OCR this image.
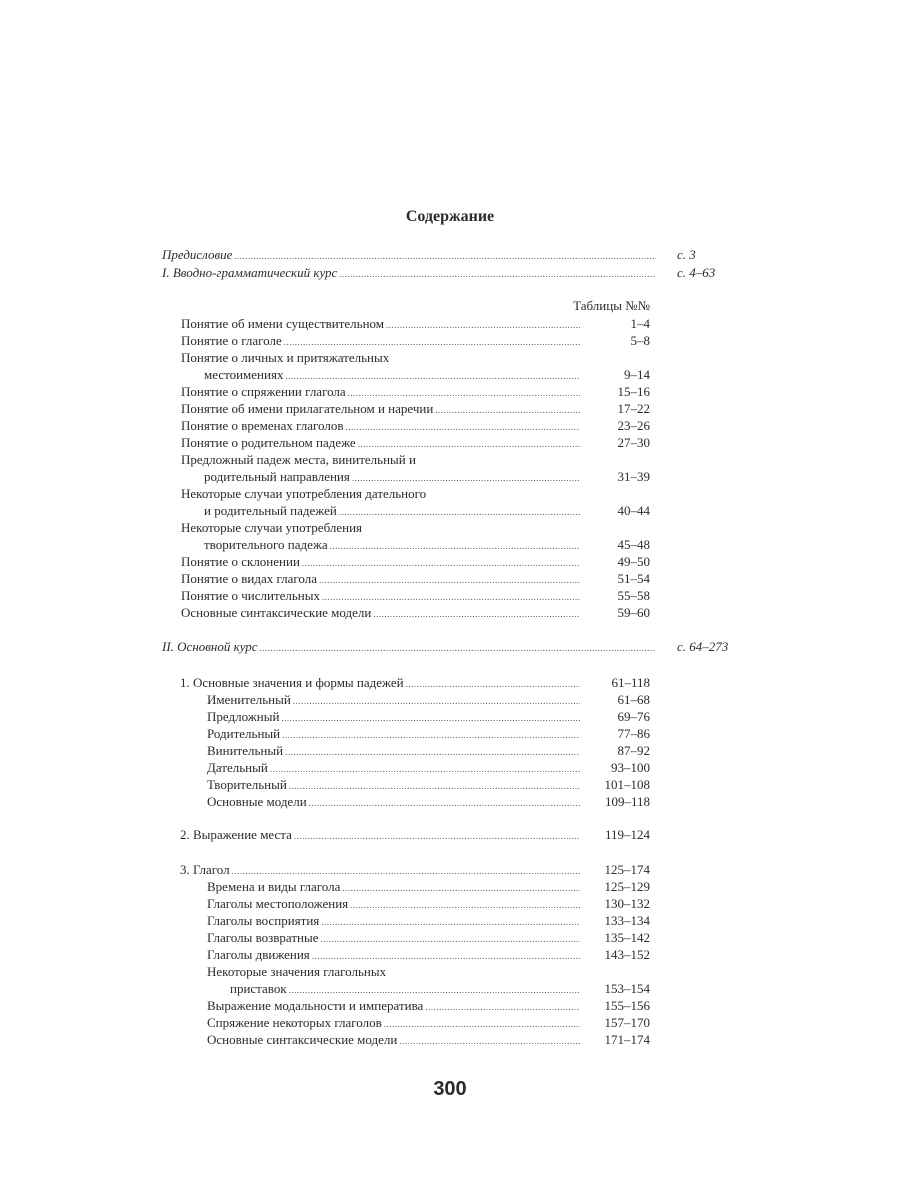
Содержание
Предисловие .....	с. 3
I. Вводно-грамматический курс .....	с. 4–63
Таблицы №№
Понятие об имени существительном .....	1–4
Понятие о глаголе .....	5–8
Понятие о личных и притяжательных
местоимениях .....	9–14
Понятие о спряжении глагола .....	15–16
Понятие об имени прилагательном и наречии .....	17–22
Понятие о временах глаголов .....	23–26
Понятие о родительном падеже .....	27–30
Предложный падеж места, винительный и
родительный направления .....	31–39
Некоторые случаи употребления дательного
и родительный падежей .....	40–44
Некоторые случаи употребления
творительного падежа .....	45–48
Понятие о склонении .....	49–50
Понятие о видах глагола .....	51–54
Понятие о числительных .....	55–58
Основные синтаксические модели .....	59–60
II. Основной курс .....	с. 64–273
1. Основные значения и формы падежей .....	61–118
Именительный .....	61–68
Предложный .....	69–76
Родительный .....	77–86
Винительный .....	87–92
Дательный .....	93–100
Творительный .....	101–108
Основные модели .....	109–118
2. Выражение места .....	119–124
3. Глагол .....	125–174
Времена и виды глагола .....	125–129
Глаголы местоположения .....	130–132
Глаголы восприятия .....	133–134
Глаголы возвратные .....	135–142
Глаголы движения .....	143–152
Некоторые значения глагольных
приставок .....	153–154
Выражение модальности и императива .....	155–156
Спряжение некоторых глаголов .....	157–170
Основные синтаксические модели .....	171–174
300
